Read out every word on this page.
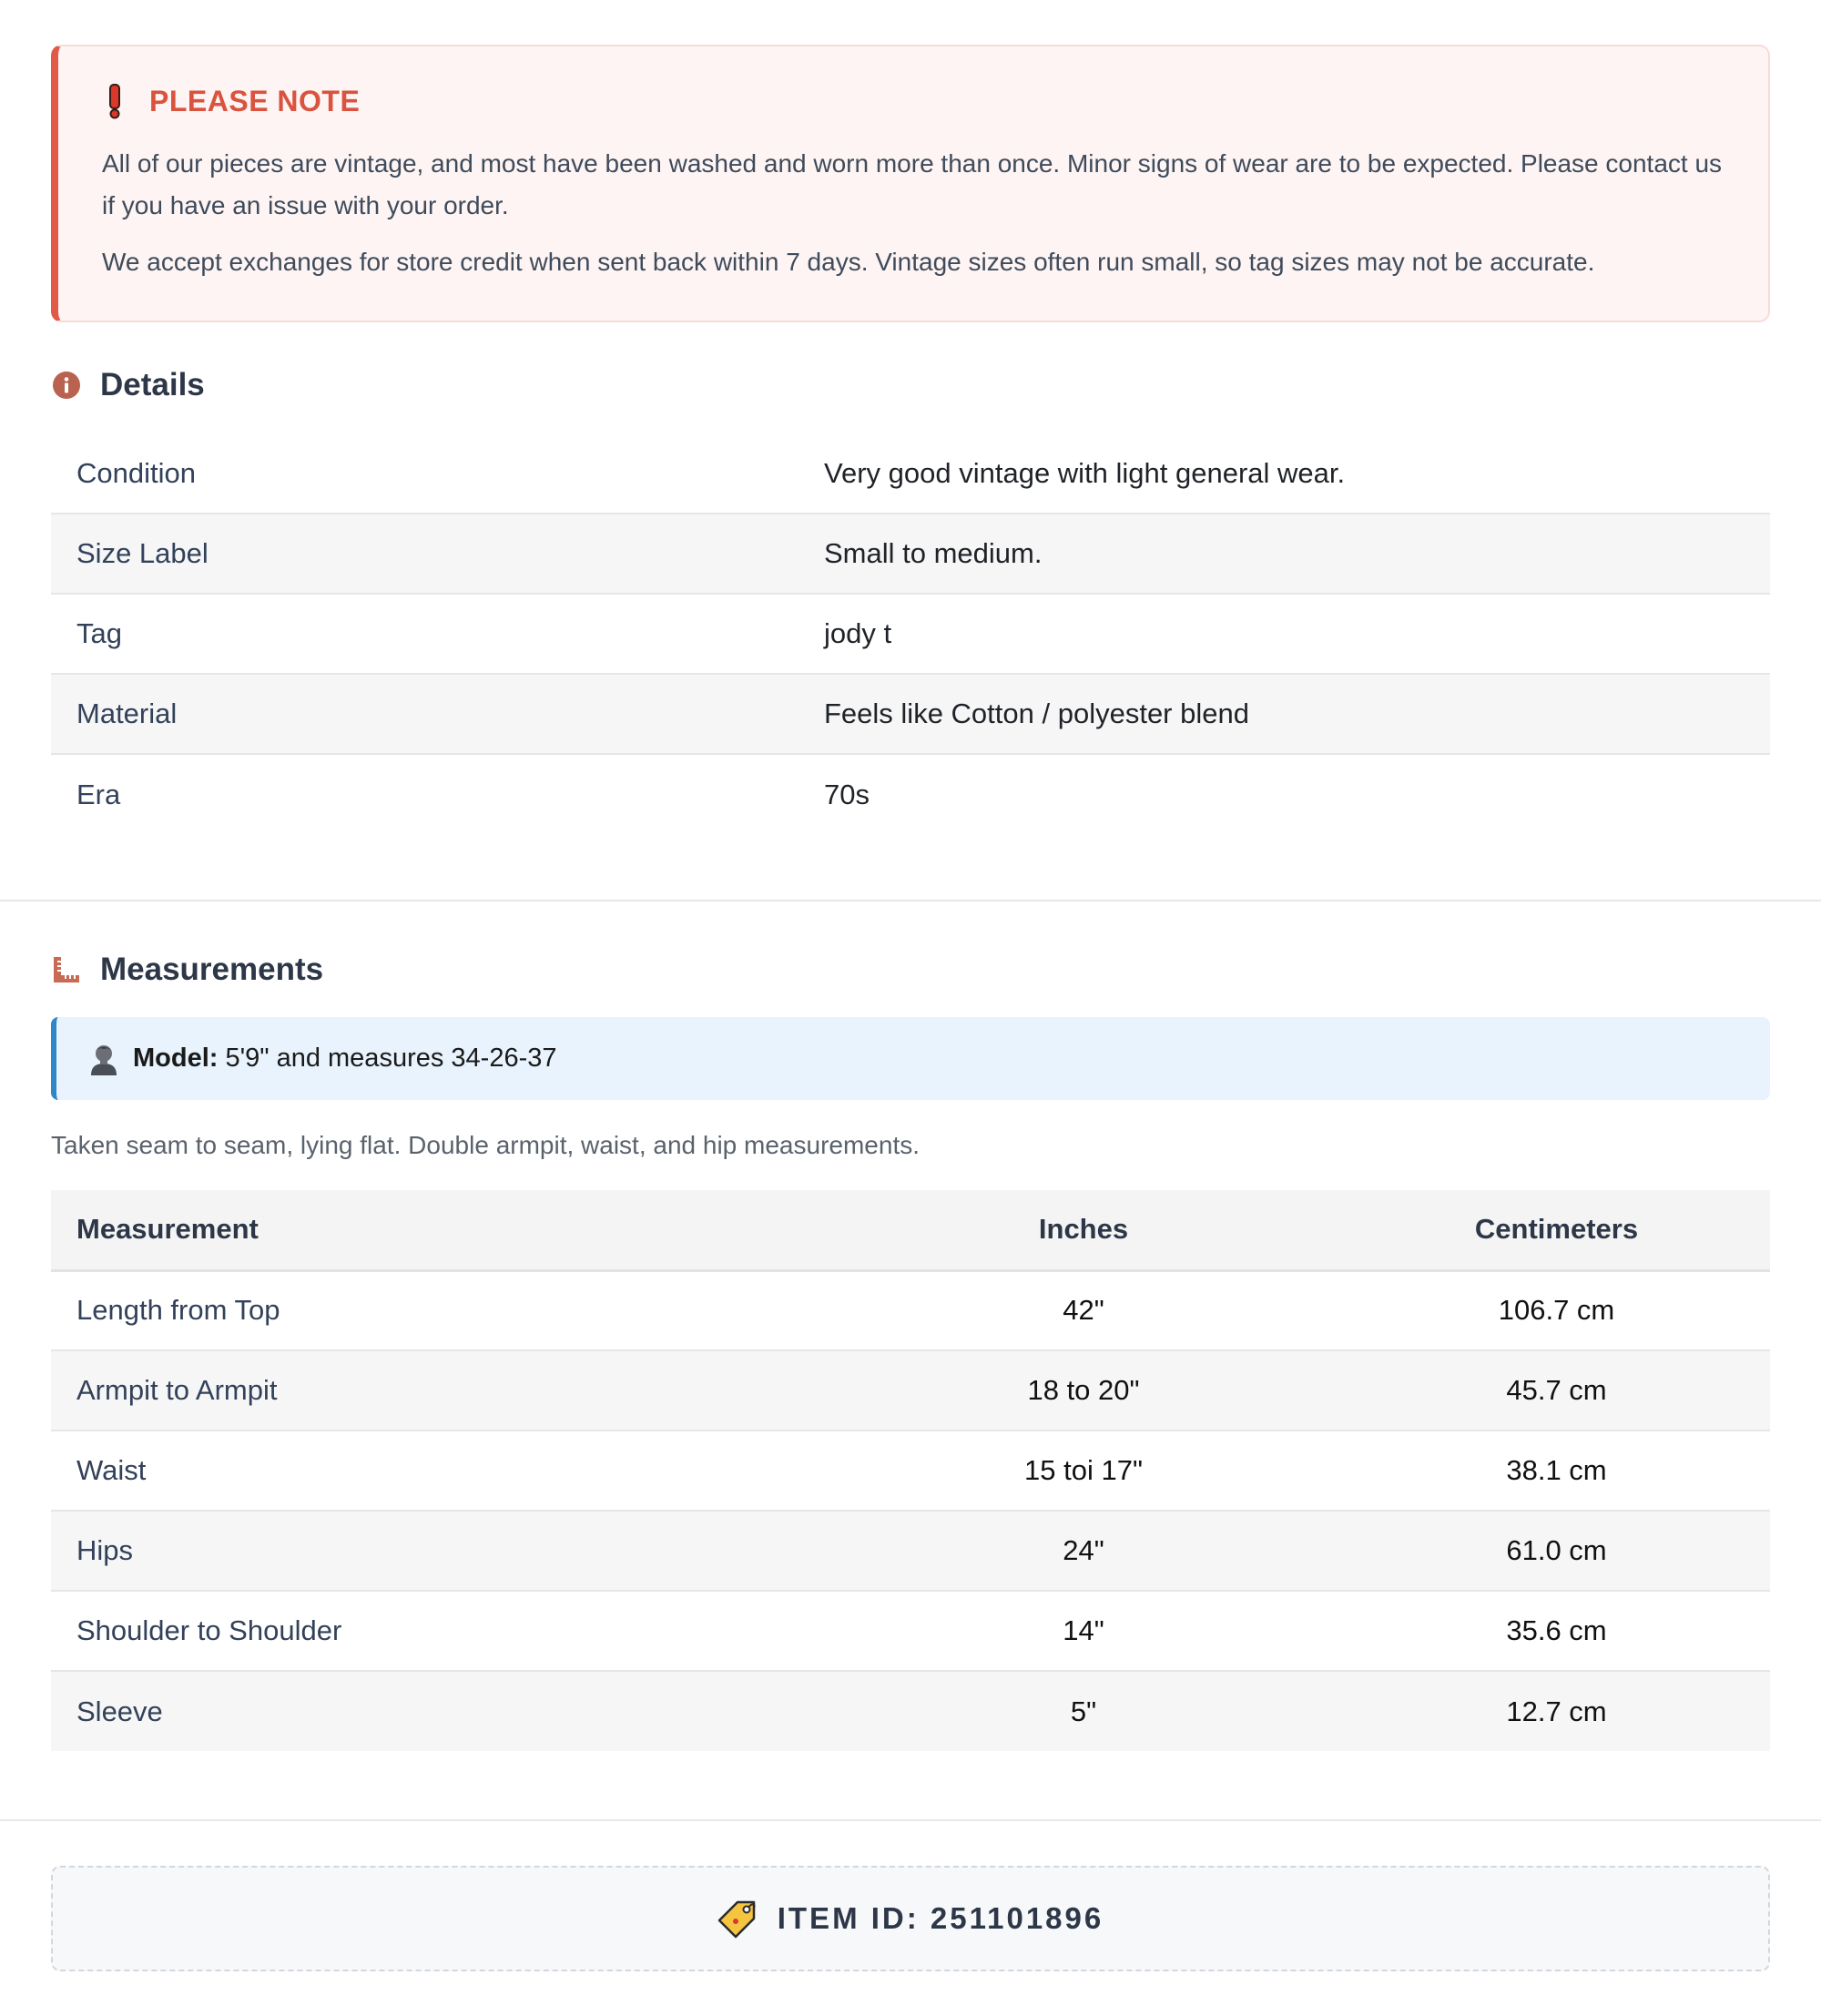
PLEASE NOTE

All of our pieces are vintage, and most have been washed and worn more than once. Minor signs of wear are to be expected. Please contact us if you have an issue with your order.

We accept exchanges for store credit when sent back within 7 days. Vintage sizes often run small, so tag sizes may not be accurate.

Details
Condition	Very good vintage with light general wear.
Size Label	Small to medium.
Tag	jody t
Material	Feels like Cotton / polyester blend
Era	70s
Measurements
Model: 5'9" and measures 34-26-37
Taken seam to seam, lying flat. Double armpit, waist, and hip measurements.
Measurement	Inches	Centimeters
Length from Top	42"	106.7 cm
Armpit to Armpit	18 to 20"	45.7 cm
Waist	15 toi 17"	38.1 cm
Hips	24"	61.0 cm
Shoulder to Shoulder	14"	35.6 cm
Sleeve	5"	12.7 cm
ITEM ID: 251101896
